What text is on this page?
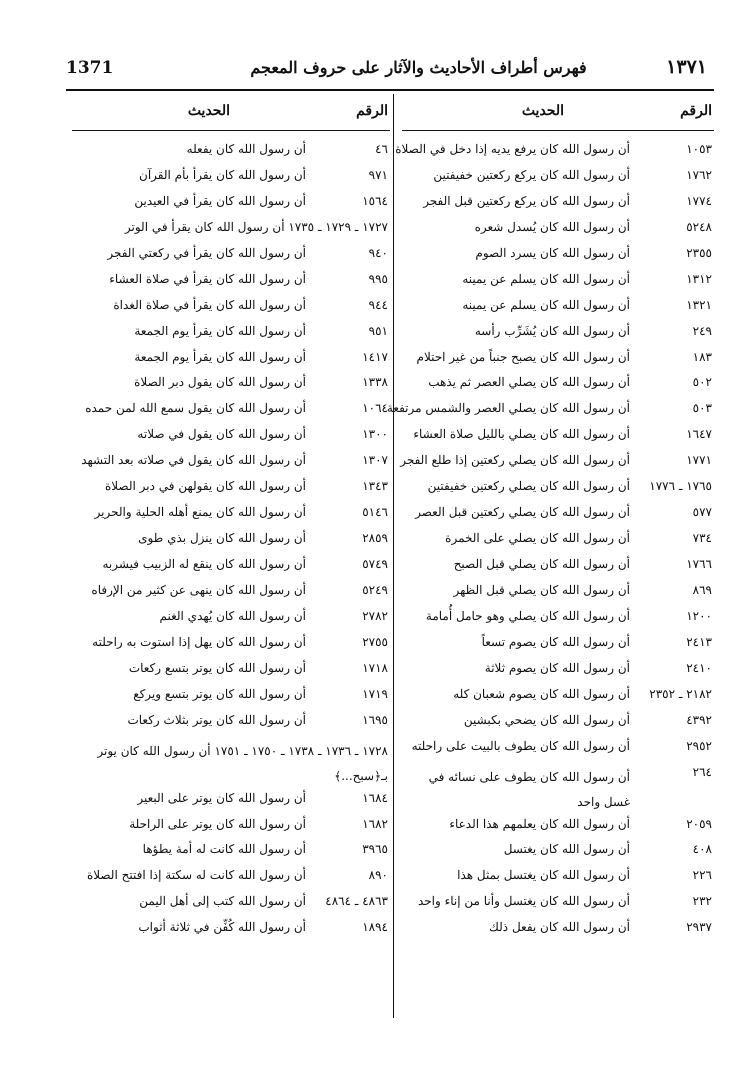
1371	فهرس أطراف الأحاديث والآثار على حروف المعجم	١٣٧١
الرقم
الحديث
١٠٥٣
أن رسول الله كان يرفع يديه إذا دخل في الصلاة
١٧٦٢
أن رسول الله كان يركع ركعتين خفيفتين
١٧٧٤
أن رسول الله كان يركع ركعتين قبل الفجر
٥٢٤٨
أن رسول الله كان يُسدل شعره
٢٣٥٥
أن رسول الله كان يسرد الصوم
١٣١٢
أن رسول الله كان يسلم عن يمينه
١٣٢١
أن رسول الله كان يسلم عن يمينه
٢٤٩
أن رسول الله كان يُشَرِّب رأسه
١٨٣
أن رسول الله كان يصبح جنباً من غير احتلام
٥٠٢
أن رسول الله كان يصلي العصر ثم يذهب
٥٠٣
أن رسول الله كان يصلي العصر والشمس مرتفعة
١٦٤٧
أن رسول الله كان يصلي بالليل صلاة العشاء
١٧٧١
أن رسول الله كان يصلي ركعتين إذا طلع الفجر
١٧٦٥ ـ ١٧٧٦
أن رسول الله كان يصلي ركعتين خفيفتين
٥٧٧
أن رسول الله كان يصلي ركعتين قبل العصر
٧٣٤
أن رسول الله كان يصلي على الخمرة
١٧٦٦
أن رسول الله كان يصلي قبل الصبح
٨٦٩
أن رسول الله كان يصلي قبل الظهر
١٢٠٠
أن رسول الله كان يصلي وهو حامل أُمامة
٢٤١٣
أن رسول الله كان يصوم تسعاً
٢٤١٠
أن رسول الله كان يصوم ثلاثة
٢١٨٢ ـ ٢٣٥٢
أن رسول الله كان يصوم شعبان كله
٤٣٩٢
أن رسول الله كان يضحي بكبشين
٢٩٥٢
أن رسول الله كان يطوف بالبيت على راحلته
٢٦٤
أن رسول الله كان يطوف على نسائه في غسل واحد
٢٠٥٩
أن رسول الله كان يعلمهم هذا الدعاء
٤٠٨
أن رسول الله كان يغتسل
٢٢٦
أن رسول الله كان يغتسل بمثل هذا
٢٣٢
أن رسول الله كان يغتسل وأنا من إناء واحد
٢٩٣٧
أن رسول الله كان يفعل ذلك
الرقم
الحديث
٤٦
أن رسول الله كان يفعله
٩٧١
أن رسول الله كان يقرأ بأم القرآن
١٥٦٤
أن رسول الله كان يقرأ في العيدين
١٧٢٧ ـ ١٧٢٩ ـ ١٧٣٥ أن رسول الله كان يقرأ في الوتر
٩٤٠
أن رسول الله كان يقرأ في ركعتي الفجر
٩٩٥
أن رسول الله كان يقرأ في صلاة العشاء
٩٤٤
أن رسول الله كان يقرأ في صلاة الغداة
٩٥١
أن رسول الله كان يقرأ يوم الجمعة
١٤١٧
أن رسول الله كان يقرأ يوم الجمعة
١٣٣٨
أن رسول الله كان يقول دبر الصلاة
١٠٦٤
أن رسول الله كان يقول سمع الله لمن حمده
١٣٠٠
أن رسول الله كان يقول في صلاته
١٣٠٧
أن رسول الله كان يقول في صلاته بعد التشهد
١٣٤٣
أن رسول الله كان يقولهن في دبر الصلاة
٥١٤٦
أن رسول الله كان يمنع أهله الحلية والحرير
٢٨٥٩
أن رسول الله كان ينزل بذي طوى
٥٧٤٩
أن رسول الله كان ينقع له الزبيب فيشربه
٥٢٤٩
أن رسول الله كان ينهى عن كثير من الإرفاه
٢٧٨٢
أن رسول الله كان يُهدي الغنم
٢٧٥٥
أن رسول الله كان يهل إذا استوت به راحلته
١٧١٨
أن رسول الله كان يوتر بتسع ركعات
١٧١٩
أن رسول الله كان يوتر بتسع ويركع
١٦٩٥
أن رسول الله كان يوتر بثلاث ركعات
١٧٢٨ ـ ١٧٣٦ ـ ١٧٣٨ ـ ١٧٥٠ ـ ١٧٥١ أن رسول الله كان يوتر بـ﴿سبح...﴾
١٦٨٤
أن رسول الله كان يوتر على البعير
١٦٨٢
أن رسول الله كان يوتر على الراحلة
٣٩٦٥
أن رسول الله كانت له أمة يطؤها
٨٩٠
أن رسول الله كانت له سكتة إذا افتتح الصلاة
٤٨٦٣ ـ ٤٨٦٤
أن رسول الله كتب إلى أهل اليمن
١٨٩٤
أن رسول الله كُفِّن في ثلاثة أثواب
